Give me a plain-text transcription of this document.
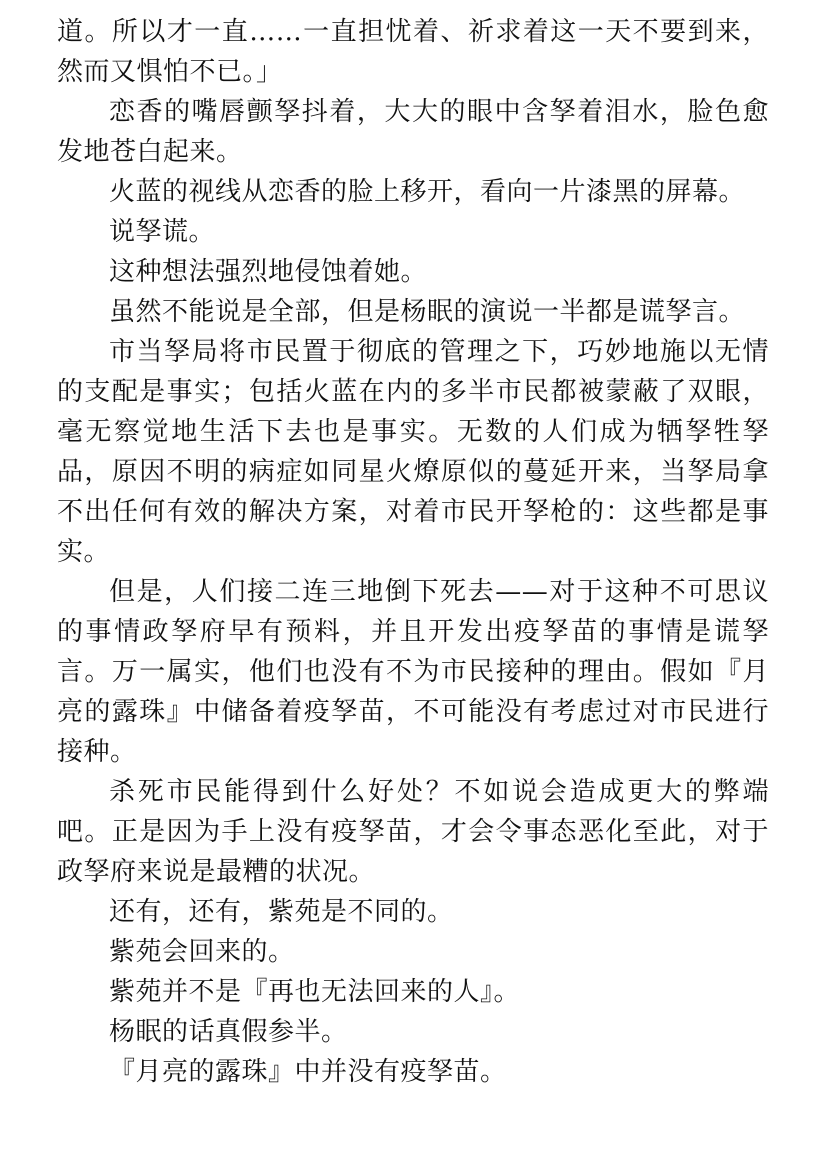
道。所以才一直……一直担忧着、祈求着这一天不要到来，然而又惧怕不已。」

恋香的嘴唇颤孥抖着，大大的眼中含孥着泪水，脸色愈发地苍白起来。

火蓝的视线从恋香的脸上移开，看向一片漆黑的屏幕。

说孥谎。

这种想法强烈地侵蚀着她。

虽然不能说是全部，但是杨眠的演说一半都是谎孥言。

市当孥局将市民置于彻底的管理之下，巧妙地施以无情的支配是事实；包括火蓝在内的多半市民都被蒙蔽了双眼，毫无察觉地生活下去也是事实。无数的人们成为牺孥牲孥品，原因不明的病症如同星火燎原似的蔓延开来，当孥局拿不出任何有效的解决方案，对着市民开孥枪的：这些都是事实。

但是，人们接二连三地倒下死去——对于这种不可思议的事情政孥府早有预料，并且开发出疫孥苗的事情是谎孥言。万一属实，他们也没有不为市民接种的理由。假如『月亮的露珠』中储备着疫孥苗，不可能没有考虑过对市民进行接种。

杀死市民能得到什么好处？不如说会造成更大的弊端吧。正是因为手上没有疫孥苗，才会令事态恶化至此，对于政孥府来说是最糟的状况。

还有，还有，紫苑是不同的。

紫苑会回来的。

紫苑并不是『再也无法回来的人』。

杨眠的话真假参半。

『月亮的露珠』中并没有疫孥苗。
